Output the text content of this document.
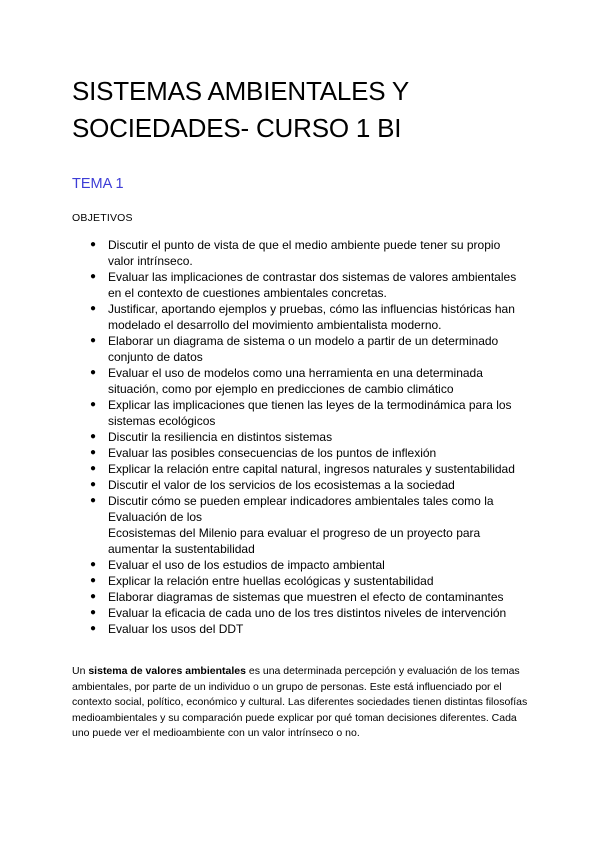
SISTEMAS AMBIENTALES Y SOCIEDADES- CURSO 1 BI
TEMA 1

OBJETIVOS

● Discutir el punto de vista de que el medio ambiente puede tener su propio valor intrínseco.
● Evaluar las implicaciones de contrastar dos sistemas de valores ambientales en el contexto de cuestiones ambientales concretas.
● Justificar, aportando ejemplos y pruebas, cómo las influencias históricas han modelado el desarrollo del movimiento ambientalista moderno.
● Elaborar un diagrama de sistema o un modelo a partir de un determinado conjunto de datos
● Evaluar el uso de modelos como una herramienta en una determinada situación, como por ejemplo en predicciones de cambio climático
● Explicar las implicaciones que tienen las leyes de la termodinámica para los sistemas ecológicos
● Discutir la resiliencia en distintos sistemas
● Evaluar las posibles consecuencias de los puntos de inflexión
● Explicar la relación entre capital natural, ingresos naturales y sustentabilidad
● Discutir el valor de los servicios de los ecosistemas a la sociedad
● Discutir cómo se pueden emplear indicadores ambientales tales como la Evaluación de los
Ecosistemas del Milenio para evaluar el progreso de un proyecto para aumentar la sustentabilidad
● Evaluar el uso de los estudios de impacto ambiental
● Explicar la relación entre huellas ecológicas y sustentabilidad
● Elaborar diagramas de sistemas que muestren el efecto de contaminantes
● Evaluar la eficacia de cada uno de los tres distintos niveles de intervención
● Evaluar los usos del DDT

Un sistema de valores ambientales es una determinada percepción y evaluación de los temas ambientales, por parte de un individuo o un grupo de personas. Este está influenciado por el contexto social, político, económico y cultural. Las diferentes sociedades tienen distintas filosofías medioambientales y su comparación puede explicar por qué toman decisiones diferentes. Cada uno puede ver el medioambiente con un valor intrínseco o no.
